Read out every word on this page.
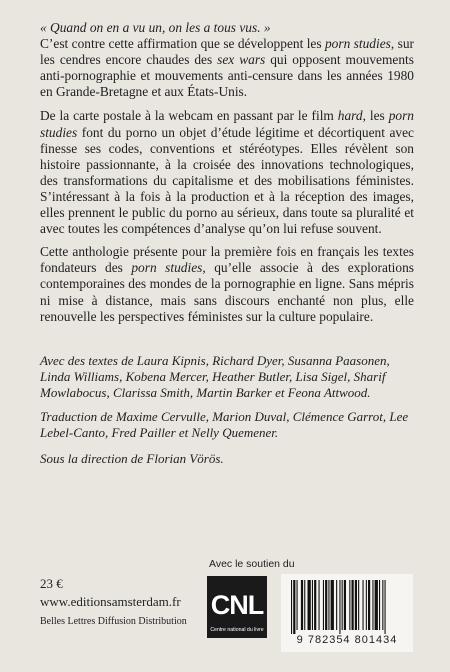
« Quand on en a vu un, on les a tous vus. »

C’est contre cette affirmation que se développent les porn studies, sur les cendres encore chaudes des sex wars qui opposent mouvements anti-pornographie et mouvements anti-censure dans les années 1980 en Grande-Bretagne et aux États-Unis.

De la carte postale à la webcam en passant par le film hard, les porn studies font du porno un objet d’étude légitime et décortiquent avec finesse ses codes, conventions et stéréotypes. Elles révèlent son histoire passionnante, à la croisée des innovations technologiques, des transformations du capitalisme et des mobilisations féministes. S’intéressant à la fois à la production et à la réception des images, elles prennent le public du porno au sérieux, dans toute sa pluralité et avec toutes les compétences d’analyse qu’on lui refuse souvent.

Cette anthologie présente pour la première fois en français les textes fondateurs des porn studies, qu’elle associe à des explorations contemporaines des mondes de la pornographie en ligne. Sans mépris ni mise à distance, mais sans discours enchanté non plus, elle renouvelle les perspectives féministes sur la culture populaire.

Avec des textes de Laura Kipnis, Richard Dyer, Susanna Paasonen, Linda Williams, Kobena Mercer, Heather Butler, Lisa Sigel, Sharif Mowlabocus, Clarissa Smith, Martin Barker et Feona Attwood.

Traduction de Maxime Cervulle, Marion Duval, Clémence Garrot, Lee Lebel-Canto, Fred Pailler et Nelly Quemener.

Sous la direction de Florian Vörös.

23 €
www.editionsamsterdam.fr
Belles Lettres Diffusion Distribution
Avec le soutien du
CNL
Centre national du livre
9 782354 801434
